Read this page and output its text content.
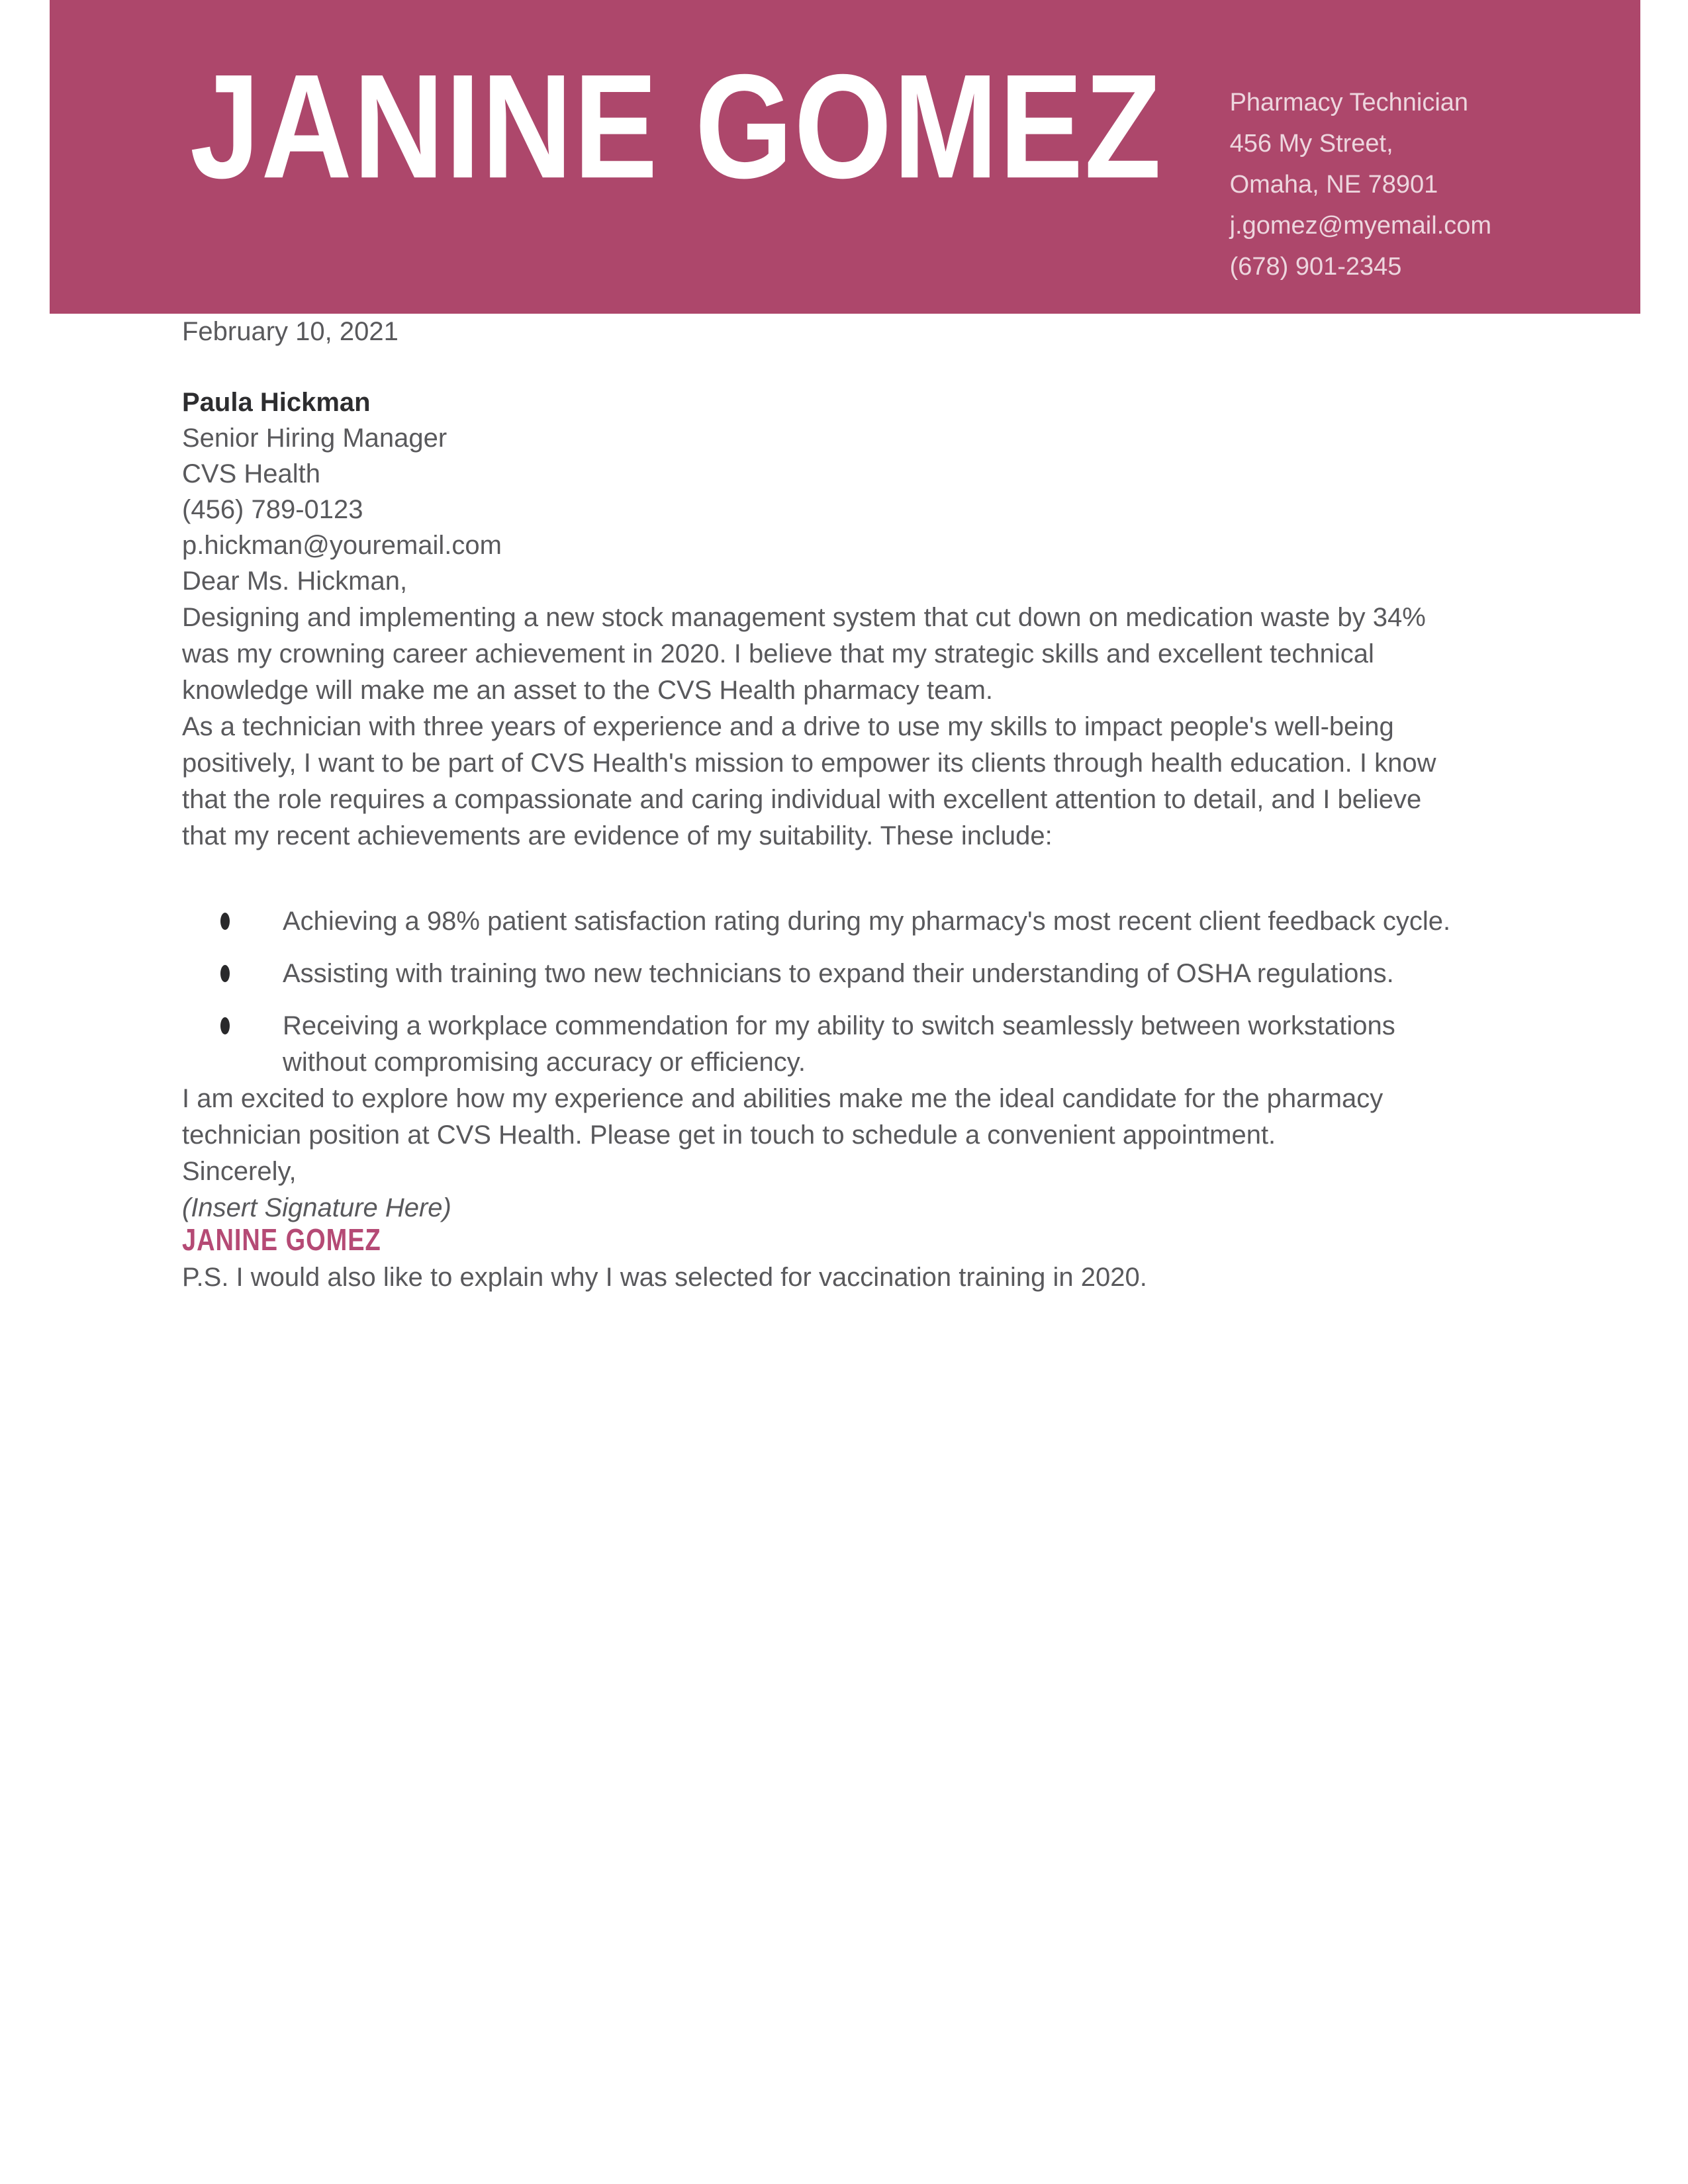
JANINE GOMEZ	Pharmacy Technician
456 My Street,
Omaha, NE 78901
j.gomez@myemail.com
(678) 901-2345

February 10, 2021

Paula Hickman
Senior Hiring Manager
CVS Health
(456) 789-0123
p.hickman@youremail.com

Dear Ms. Hickman,

Designing and implementing a new stock management system that cut down on medication waste by 34% was my crowning career achievement in 2020. I believe that my strategic skills and excellent technical knowledge will make me an asset to the CVS Health pharmacy team.

As a technician with three years of experience and a drive to use my skills to impact people's well-being positively, I want to be part of CVS Health's mission to empower its clients through health education. I know that the role requires a compassionate and caring individual with excellent attention to detail, and I believe that my recent achievements are evidence of my suitability. These include:

Achieving a 98% patient satisfaction rating during my pharmacy's most recent client feedback cycle.
Assisting with training two new technicians to expand their understanding of OSHA regulations.
Receiving a workplace commendation for my ability to switch seamlessly between workstations without compromising accuracy or efficiency.

I am excited to explore how my experience and abilities make me the ideal candidate for the pharmacy technician position at CVS Health. Please get in touch to schedule a convenient appointment.

Sincerely,

(Insert Signature Here)

JANINE GOMEZ

P.S. I would also like to explain why I was selected for vaccination training in 2020.
